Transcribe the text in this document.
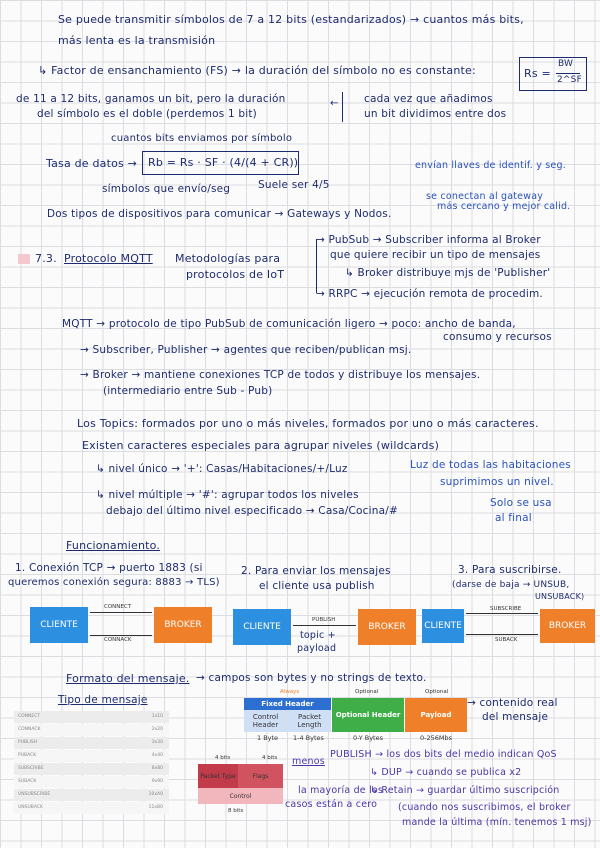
Se puede transmitir símbolos de 7 a 12 bits (estandarizados) → cuantos más bits,
más lenta es la transmisión
↳ Factor de ensanchamiento (FS) → la duración del símbolo no es constante:	Rs =
BW
2^SF
de 11 a 12 bits, ganamos un bit, pero la duración
del símbolo es el doble (perdemos 1 bit)
← cada vez que añadimos
un bit dividimos entre dos
cuantos bits enviamos por símbolo
Tasa de datos → Rb = Rs · SF · (4/(4 + CR))
símbolos que envío/seg	Suele ser 4/5
envían llaves de identif. y seg.
se conectan al gateway
más cercano y mejor calid.
Dos tipos de dispositivos para comunicar → Gateways y Nodos.
7.3. Protocolo MQTT Metodologías para
protocolos de IoT
→ PubSub → Subscriber informa al Broker
que quiere recibir un tipo de mensajes
↳ Broker distribuye mjs de 'Publisher'
→ RRPC → ejecución remota de procedim.
MQTT → protocolo de tipo PubSub de comunicación ligero → poco: ancho de banda,
consumo y recursos
→ Subscriber, Publisher → agentes que reciben/publican msj.
→ Broker → mantiene conexiones TCP de todos y distribuye los mensajes.
(intermediario entre Sub - Pub)
Los Topics: formados por uno o más niveles, formados por uno o más caracteres.
Existen caracteres especiales para agrupar niveles (wildcards)
↳ nivel único → '+': Casas/Habitaciones/+/Luz	Luz de todas las habitaciones
suprimimos un nivel.
↳ nivel múltiple → '#': agrupar todos los niveles
debajo del último nivel especificado → Casa/Cocina/#
Solo se usa
al final
Funcionamiento.
1. Conexión TCP → puerto 1883 (si
queremos conexión segura: 8883 → TLS)
2. Para enviar los mensajes
el cliente usa publish
3. Para suscribirse.
(darse de baja → UNSUB,
UNSUBACK)
CLIENTE	BROKER
CONNECT
CONNACK
CLIENTE	BROKER
PUBLISH
topic +
payload
CLIENTE	BROKER
SUBSCRIBE
SUBACK
Formato del mensaje. → campos son bytes y no strings de texto.
Tipo de mensaje	→ contenido real
del mensaje
Always	Optional	Optional
Fixed Header
Control
Header
Packet
Length
Optional Header	Payload
1 Byte 1-4 Bytes	0-Y Bytes	0-256Mbs
4 bits	4 bits
Packet Type	Flags
Control
8 bits
menos
PUBLISH → los dos bits del medio indican QoS
↳ DUP → cuando se publica x2
la mayoría de los
casos están a cero
↳ Retain → guardar último suscripción
(cuando nos suscribimos, el broker
mande la última (mín. tenemos 1 msj)
CONNECT	1x10
CONNACK	2x20
PUBLISH	3x30
PUBACK	4x40
SUBSCRIBE	8x80
SUBACK	9x90
UNSUBSCRIBE	10xA0
UNSUBACK	11xB0
